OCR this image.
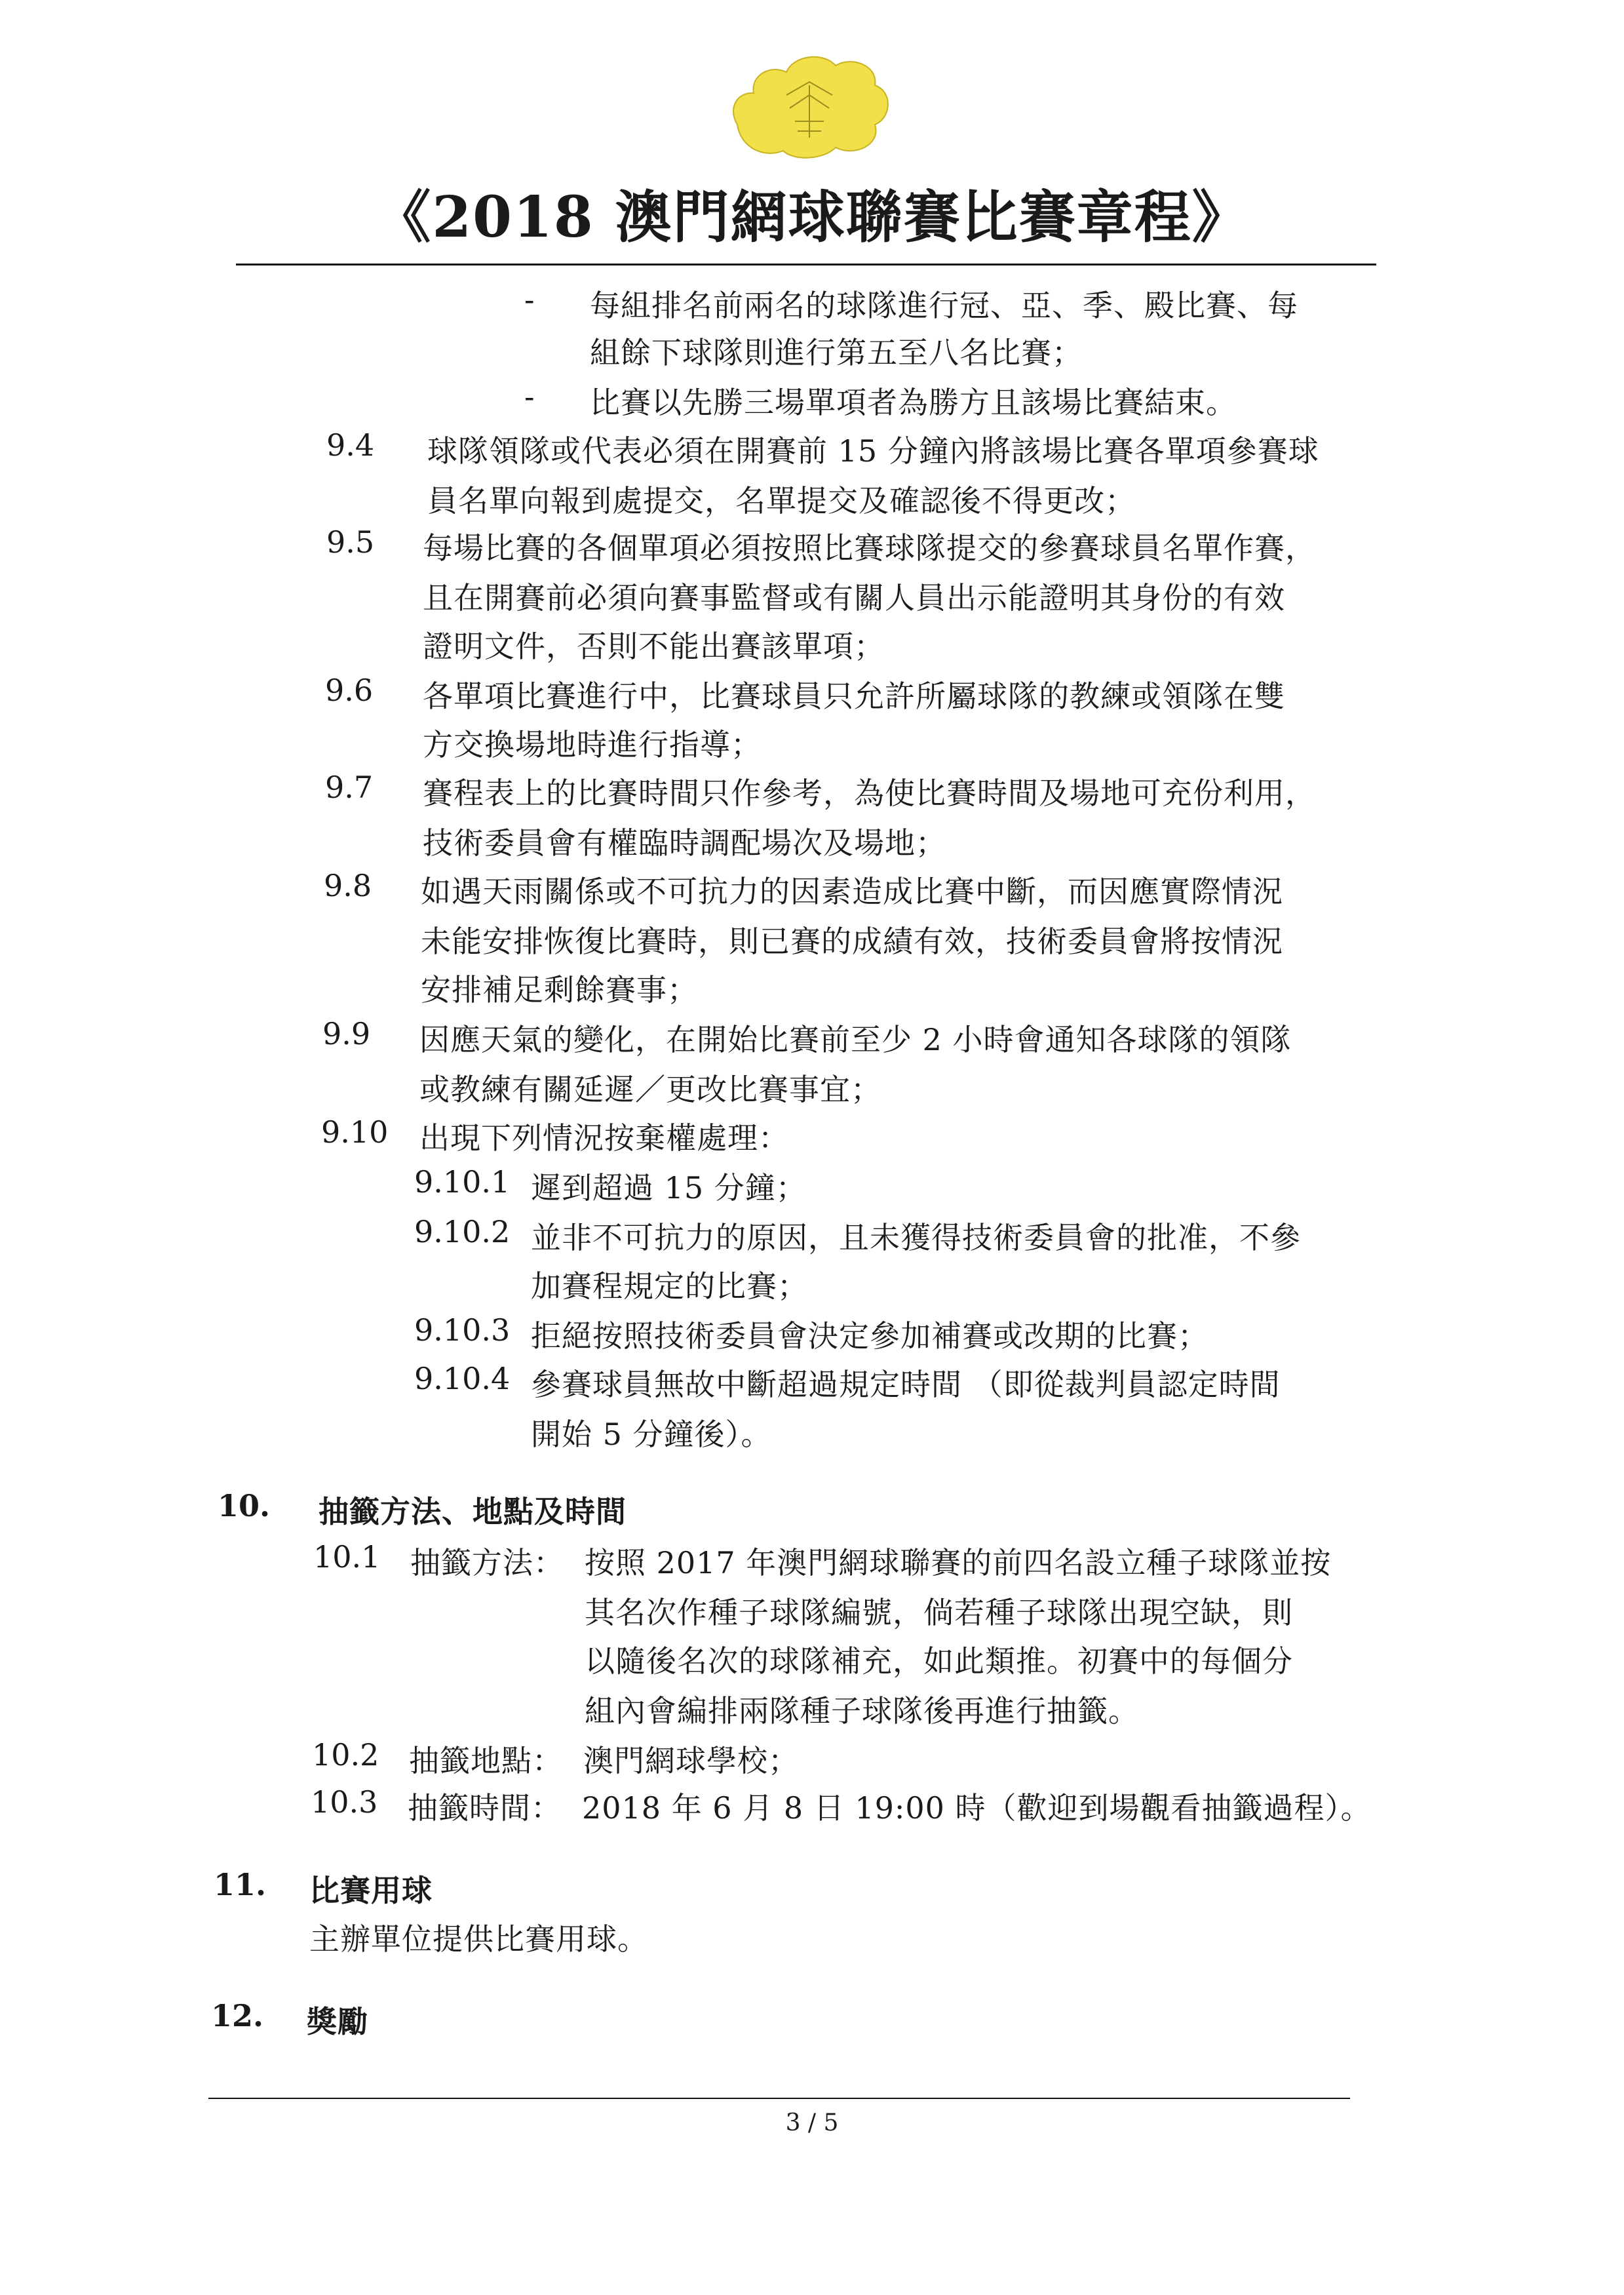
《2018 澳門網球聯賽比賽章程》
- 每組排名前兩名的球隊進行冠、亞、季、殿比賽、每
組餘下球隊則進行第五至八名比賽；
- 比賽以先勝三場單項者為勝方且該場比賽結束。
9.4 球隊領隊或代表必須在開賽前 15 分鐘內將該場比賽各單項參賽球
員名單向報到處提交，名單提交及確認後不得更改；
9.5 每場比賽的各個單項必須按照比賽球隊提交的參賽球員名單作賽，
且在開賽前必須向賽事監督或有關人員出示能證明其身份的有效
證明文件，否則不能出賽該單項；
9.6 各單項比賽進行中，比賽球員只允許所屬球隊的教練或領隊在雙
方交換場地時進行指導；
9.7 賽程表上的比賽時間只作參考，為使比賽時間及場地可充份利用，
技術委員會有權臨時調配場次及場地；
9.8 如遇天雨關係或不可抗力的因素造成比賽中斷，而因應實際情況
未能安排恢復比賽時，則已賽的成績有效，技術委員會將按情況
安排補足剩餘賽事；
9.9 因應天氣的變化，在開始比賽前至少 2 小時會通知各球隊的領隊
或教練有關延遲／更改比賽事宜；
9.10 出現下列情況按棄權處理：
9.10.1 遲到超過 15 分鐘；
9.10.2 並非不可抗力的原因，且未獲得技術委員會的批准，不參
加賽程規定的比賽；
9.10.3 拒絕按照技術委員會決定參加補賽或改期的比賽；
9.10.4 參賽球員無故中斷超過規定時間 （即從裁判員認定時間
開始 5 分鐘後）。
10. 抽籤方法、地點及時間
10.1 抽籤方法： 按照 2017 年澳門網球聯賽的前四名設立種子球隊並按
其名次作種子球隊編號，倘若種子球隊出現空缺，則
以隨後名次的球隊補充，如此類推。初賽中的每個分
組內會編排兩隊種子球隊後再進行抽籤。
10.2 抽籤地點： 澳門網球學校；
10.3 抽籤時間： 2018 年 6 月 8 日 19:00 時（歡迎到場觀看抽籤過程）。
11. 比賽用球
主辦單位提供比賽用球。
12. 獎勵
3 / 5
